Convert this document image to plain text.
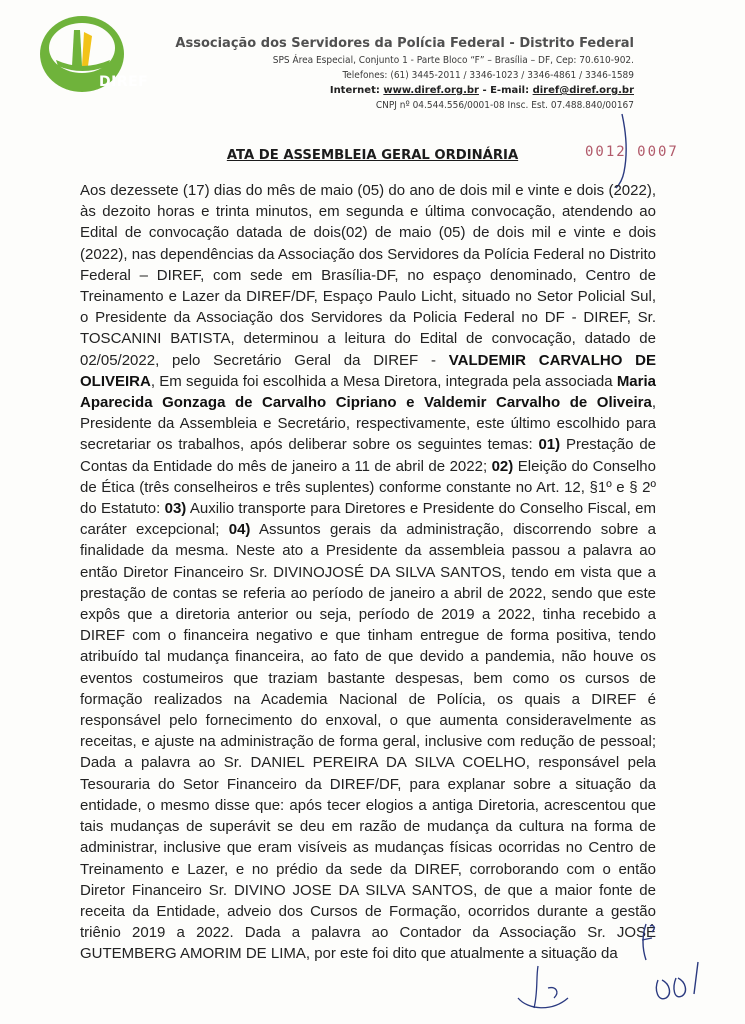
DIREF
Associação dos Servidores da Polícia Federal - Distrito Federal
SPS Área Especial, Conjunto 1 - Parte Bloco “F” – Brasília – DF, Cep: 70.610-902.
Telefones: (61) 3445-2011 / 3346-1023 / 3346-4861 / 3346-1589
Internet: www.diref.org.br - E-mail: diref@diref.org.br
CNPJ nº 04.544.556/0001-08 Insc. Est. 07.488.840/00167
0012 0007
ATA DE ASSEMBLEIA GERAL ORDINÁRIA
Aos dezessete (17) dias do mês de maio (05) do ano de dois mil e vinte e dois (2022), às dezoito horas e trinta minutos, em segunda e última convocação, atendendo ao Edital de convocação datada de dois(02) de maio (05) de dois mil e vinte e dois (2022), nas dependências da Associação dos Servidores da Polícia Federal no Distrito Federal – DIREF, com sede em Brasília-DF, no espaço denominado, Centro de Treinamento e Lazer da DIREF/DF, Espaço Paulo Licht, situado no Setor Policial Sul, o Presidente da Associação dos Servidores da Policia Federal no DF - DIREF, Sr. TOSCANINI BATISTA, determinou a leitura do Edital de convocação, datado de 02/05/2022, pelo Secretário Geral da DIREF - VALDEMIR CARVALHO DE OLIVEIRA, Em seguida foi escolhida a Mesa Diretora, integrada pela associada Maria Aparecida Gonzaga de Carvalho Cipriano e Valdemir Carvalho de Oliveira, Presidente da Assembleia e Secretário, respectivamente, este último escolhido para secretariar os trabalhos, após deliberar sobre os seguintes temas: 01) Prestação de Contas da Entidade do mês de janeiro a 11 de abril de 2022; 02) Eleição do Conselho de Ética (três conselheiros e três suplentes) conforme constante no Art. 12, §1º e § 2º do Estatuto: 03) Auxilio transporte para Diretores e Presidente do Conselho Fiscal, em caráter excepcional; 04) Assuntos gerais da administração, discorrendo sobre a finalidade da mesma. Neste ato a Presidente da assembleia passou a palavra ao então Diretor Financeiro Sr. DIVINOJOSÉ DA SILVA SANTOS, tendo em vista que a prestação de contas se referia ao período de janeiro a abril de 2022, sendo que este expôs que a diretoria anterior ou seja, período de 2019 a 2022, tinha recebido a DIREF com o financeira negativo e que tinham entregue de forma positiva, tendo atribuído tal mudança financeira, ao fato de que devido a pandemia, não houve os eventos costumeiros que traziam bastante despesas, bem como os cursos de formação realizados na Academia Nacional de Polícia, os quais a DIREF é responsável pelo fornecimento do enxoval, o que aumenta consideravelmente as receitas, e ajuste na administração de forma geral, inclusive com redução de pessoal; Dada a palavra ao Sr. DANIEL PEREIRA DA SILVA COELHO, responsável pela Tesouraria do Setor Financeiro da DIREF/DF, para explanar sobre a situação da entidade, o mesmo disse que: após tecer elogios a antiga Diretoria, acrescentou que tais mudanças de superávit se deu em razão de mudança da cultura na forma de administrar, inclusive que eram visíveis as mudanças físicas ocorridas no Centro de Treinamento e Lazer, e no prédio da sede da DIREF, corroborando com o então Diretor Financeiro Sr. DIVINO JOSE DA SILVA SANTOS, de que a maior fonte de receita da Entidade, adveio dos Cursos de Formação, ocorridos durante a gestão triênio 2019 a 2022. Dada a palavra ao Contador da Associação Sr. JOSÉ GUTEMBERG AMORIM DE LIMA, por este foi dito que atualmente a situação da
